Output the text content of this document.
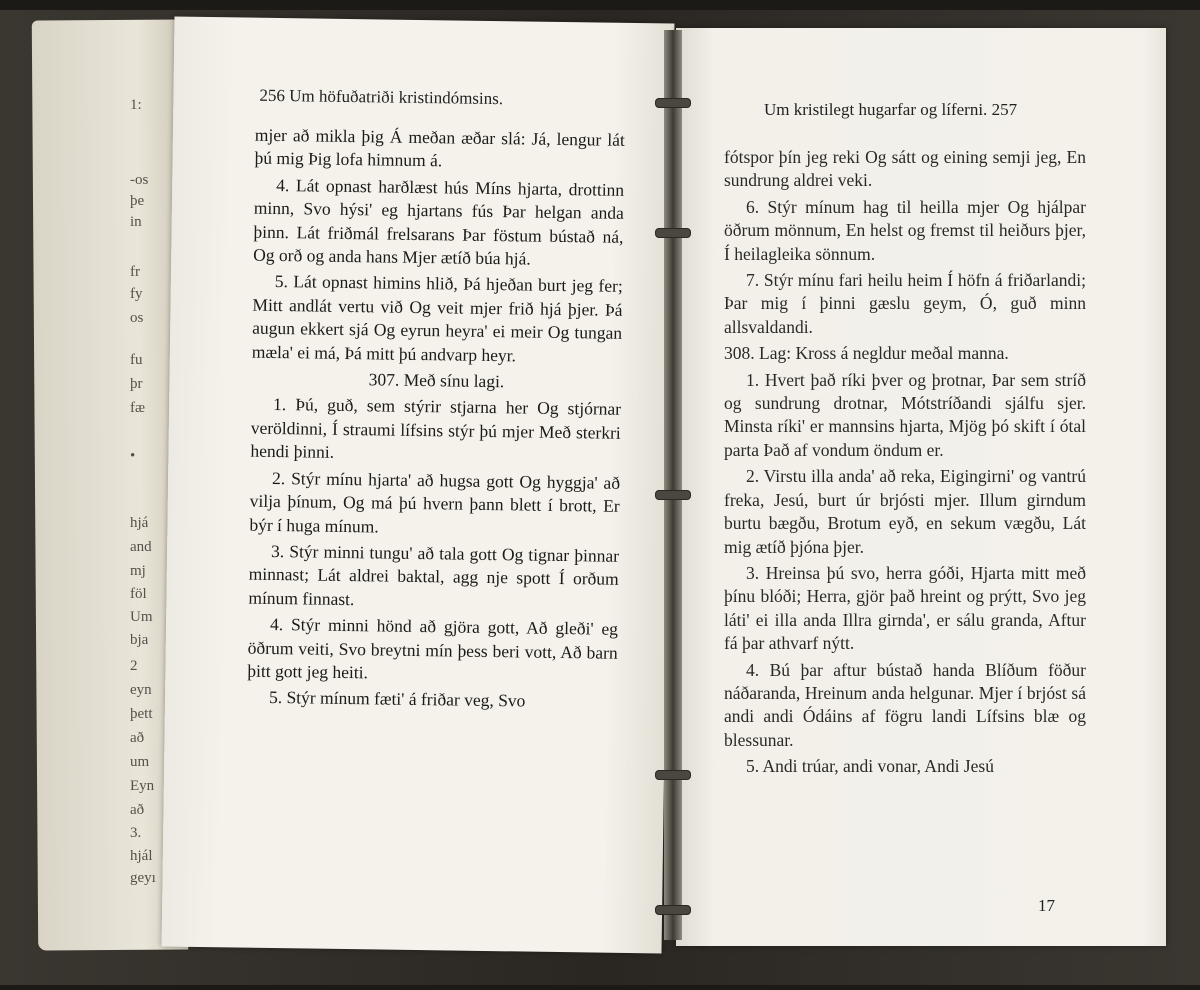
1:
-os
þe
in
fr
fy
os
fu
þr
fæ
•
hjá
and
mj
föl
Um
bja
2
eyn
þett
að
um
Eyn
að
3.
hjál
geyı
256 Um höfuðatriði kristindómsins.

mjer að mikla þig Á meðan æðar slá: Já, lengur lát þú mig Þig lofa himnum á.

4. Lát opnast harðlæst hús Míns hjarta, drottinn minn, Svo hýsi' eg hjartans fús Þar helgan anda þinn. Lát friðmál frelsarans Þar föstum bústað ná, Og orð og anda hans Mjer ætíð búa hjá.

5. Lát opnast himins hlið, Þá hjeðan burt jeg fer; Mitt andlát vertu við Og veit mjer frið hjá þjer. Þá augun ekkert sjá Og eyrun heyra' ei meir Og tungan mæla' ei má, Þá mitt þú andvarp heyr.

307. Með sínu lagi.

1. Þú, guð, sem stýrir stjarna her Og stjórnar veröldinni, Í straumi lífsins stýr þú mjer Með sterkri hendi þinni.

2. Stýr mínu hjarta' að hugsa gott Og hyggja' að vilja þínum, Og má þú hvern þann blett í brott, Er býr í huga mínum.

3. Stýr minni tungu' að tala gott Og tignar þinnar minnast; Lát aldrei baktal, agg nje spott Í orðum mínum finnast.

4. Stýr minni hönd að gjöra gott, Að gleði' eg öðrum veiti, Svo breytni mín þess beri vott, Að barn þitt gott jeg heiti.

5. Stýr mínum fæti' á friðar veg, Svo

Um kristilegt hugarfar og líferni. 257

fótspor þín jeg reki Og sátt og eining semji jeg, En sundrung aldrei veki.

6. Stýr mínum hag til heilla mjer Og hjálpar öðrum mönnum, En helst og fremst til heiðurs þjer, Í heilagleika sönnum.

7. Stýr mínu fari heilu heim Í höfn á friðarlandi; Þar mig í þinni gæslu geym, Ó, guð minn allsvaldandi.

308. Lag: Kross á negldur meðal manna.

1. Hvert það ríki þver og þrotnar, Þar sem stríð og sundrung drotnar, Mótstríðandi sjálfu sjer. Minsta ríki' er mannsins hjarta, Mjög þó skift í ótal parta Það af vondum öndum er.

2. Virstu illa anda' að reka, Eigingirni' og vantrú freka, Jesú, burt úr brjósti mjer. Illum girndum burtu bægðu, Brotum eyð, en sekum vægðu, Lát mig ætíð þjóna þjer.

3. Hreinsa þú svo, herra góði, Hjarta mitt með þínu blóði; Herra, gjör það hreint og prýtt, Svo jeg láti' ei illa anda Illra girnda', er sálu granda, Aftur fá þar athvarf nýtt.

4. Bú þar aftur bústað handa Blíðum föður náðaranda, Hreinum anda helgunar. Mjer í brjóst sá andi andi Ódáins af fögru landi Lífsins blæ og blessunar.

5. Andi trúar, andi vonar, Andi Jesú

17
